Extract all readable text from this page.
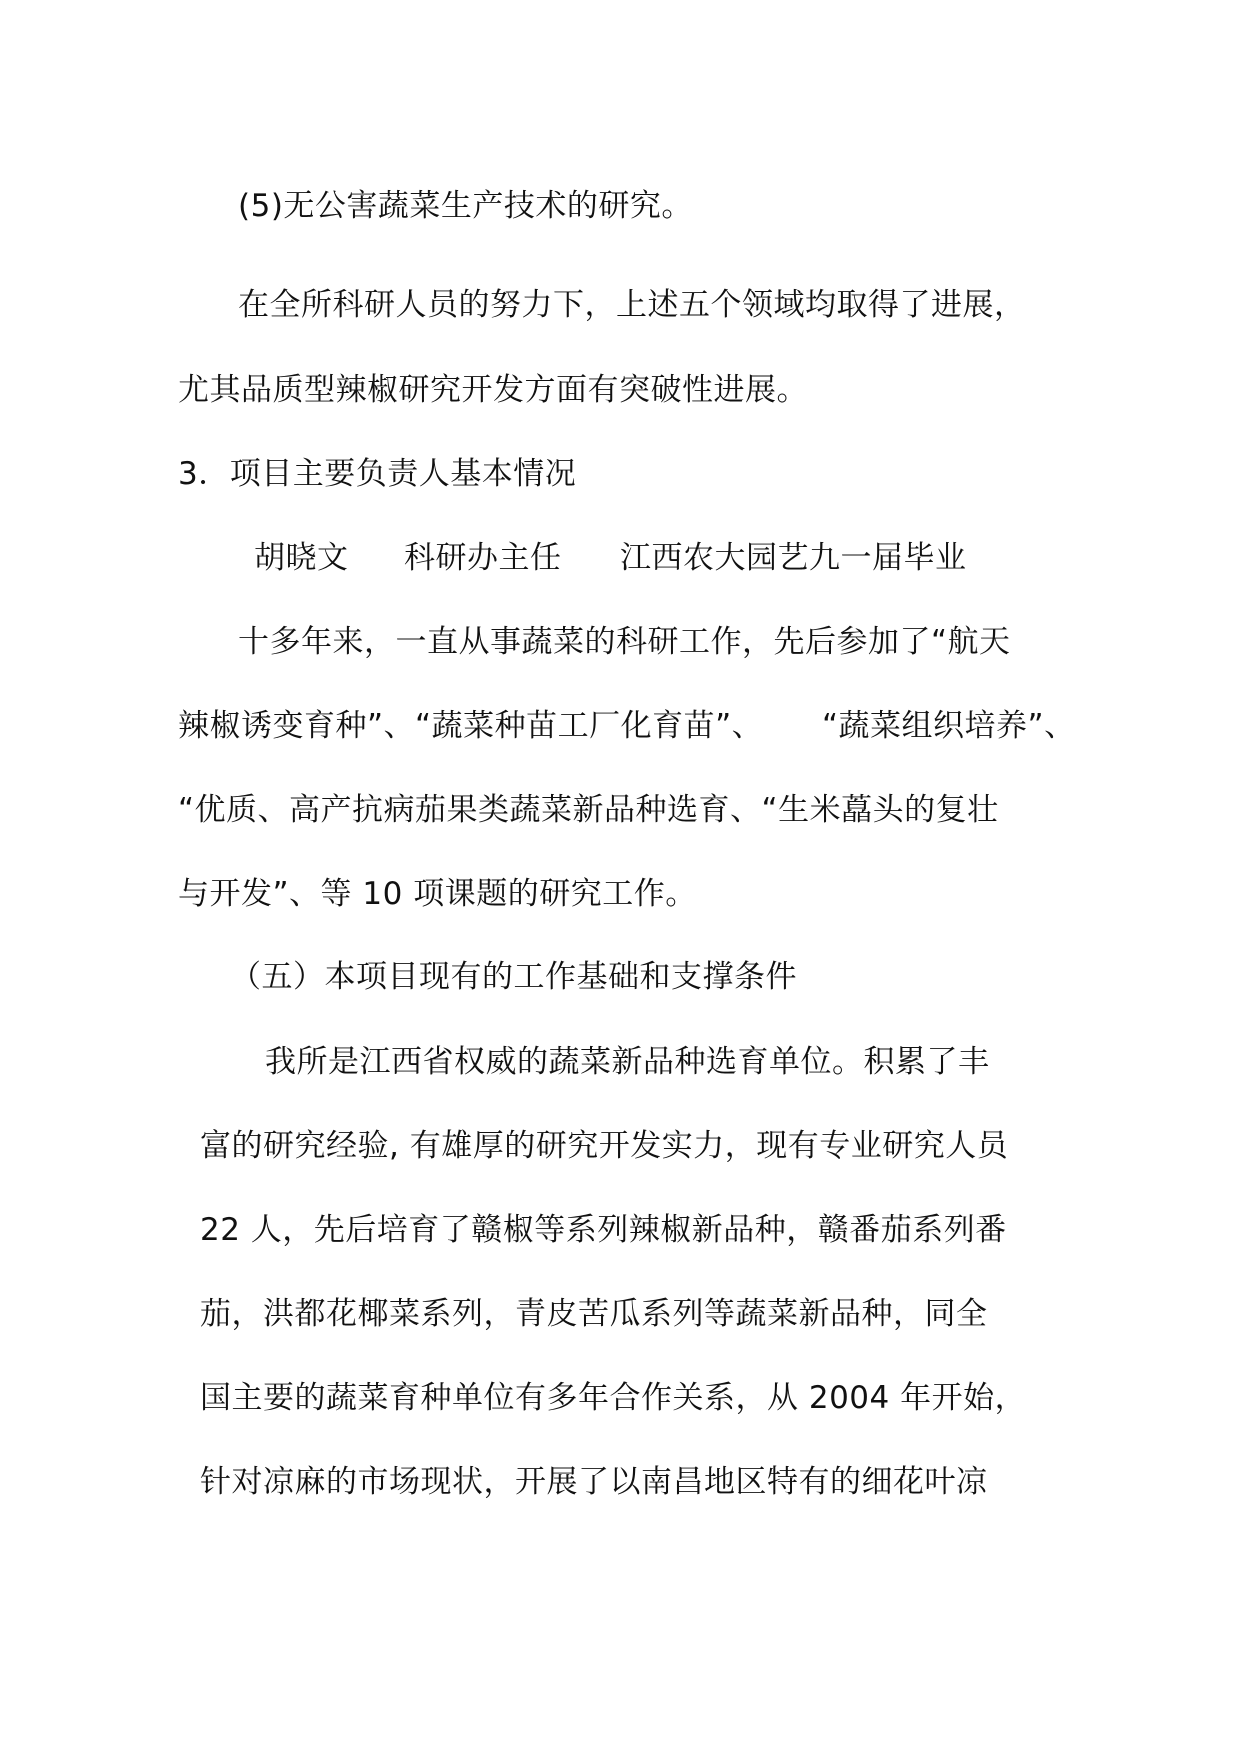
(5)无公害蔬菜生产技术的研究。
在全所科研人员的努力下，上述五个领域均取得了进展，
尤其品质型辣椒研究开发方面有突破性进展。
3．项目主要负责人基本情况
胡晓文 科研办主任 江西农大园艺九一届毕业
十多年来，一直从事蔬菜的科研工作，先后参加了“航天
辣椒诱变育种”、“蔬菜种苗工厂化育苗”、 “蔬菜组织培养”、
“优质、高产抗病茄果类蔬菜新品种选育、“生米藠头的复壮
与开发”、等 10 项课题的研究工作。
（五）本项目现有的工作基础和支撑条件
我所是江西省权威的蔬菜新品种选育单位。积累了丰
富的研究经验, 有雄厚的研究开发实力，现有专业研究人员
22 人，先后培育了赣椒等系列辣椒新品种，赣番茄系列番
茄，洪都花椰菜系列，青皮苦瓜系列等蔬菜新品种，同全
国主要的蔬菜育种单位有多年合作关系，从 2004 年开始，
针对凉麻的市场现状，开展了以南昌地区特有的细花叶凉
